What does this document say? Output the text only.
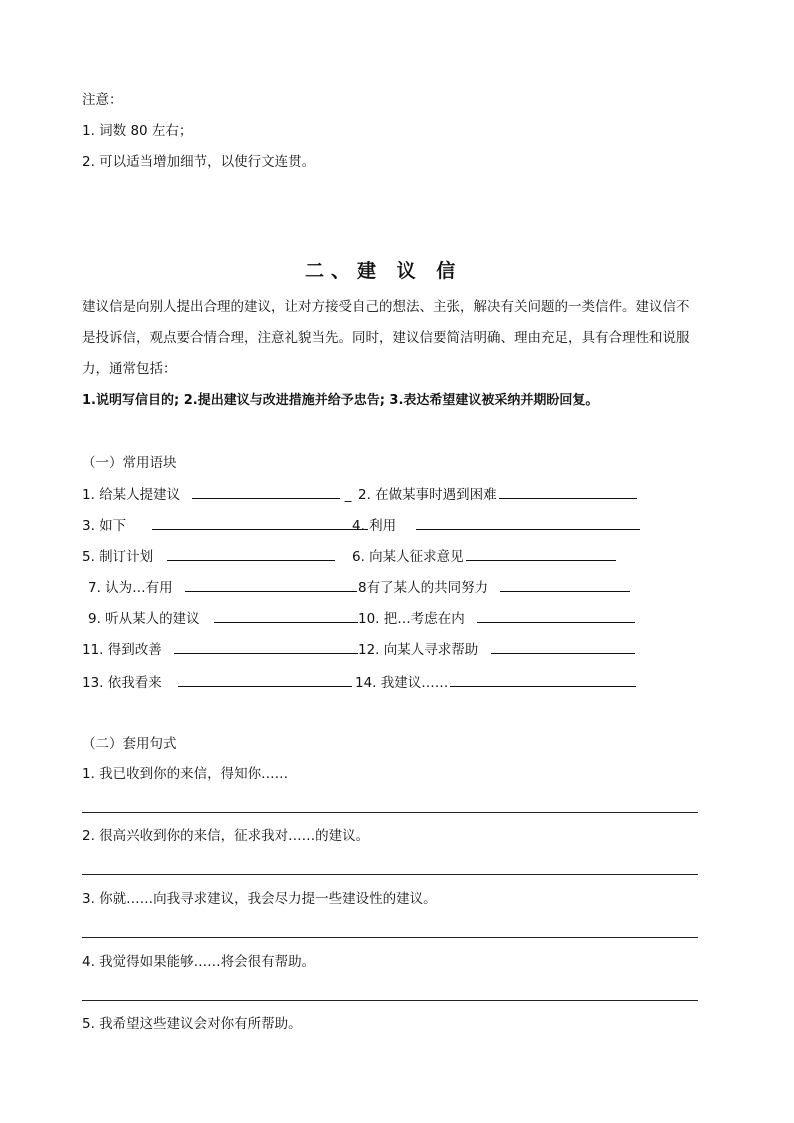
注意：
1. 词数 80 左右；
2. 可以适当增加细节，以使行文连贯。
二、建 议 信
建议信是向别人提出合理的建议，让对方接受自己的想法、主张，解决有关问题的一类信件。建议信不
是投诉信，观点要合情合理，注意礼貌当先。同时，建议信要简洁明确、理由充足，具有合理性和说服
力，通常包括：
1.说明写信目的; 2.提出建议与改进措施并给予忠告; 3.表达希望建议被采纳并期盼回复。
（一）常用语块
1. 给某人提建议	_ 2. 在做某事时遇到困难
3. 如下	4. 利用
5. 制订计划	6. 向某人征求意见
7. 认为…有用	8有了某人的共同努力
9. 听从某人的建议	10. 把…考虑在内
11. 得到改善	12. 向某人寻求帮助
13. 依我看来	14. 我建议……
（二）套用句式
1. 我已收到你的来信，得知你……
2. 很高兴收到你的来信，征求我对……的建议。
3. 你就……向我寻求建议，我会尽力提一些建设性的建议。
4. 我觉得如果能够……将会很有帮助。
5. 我希望这些建议会对你有所帮助。
